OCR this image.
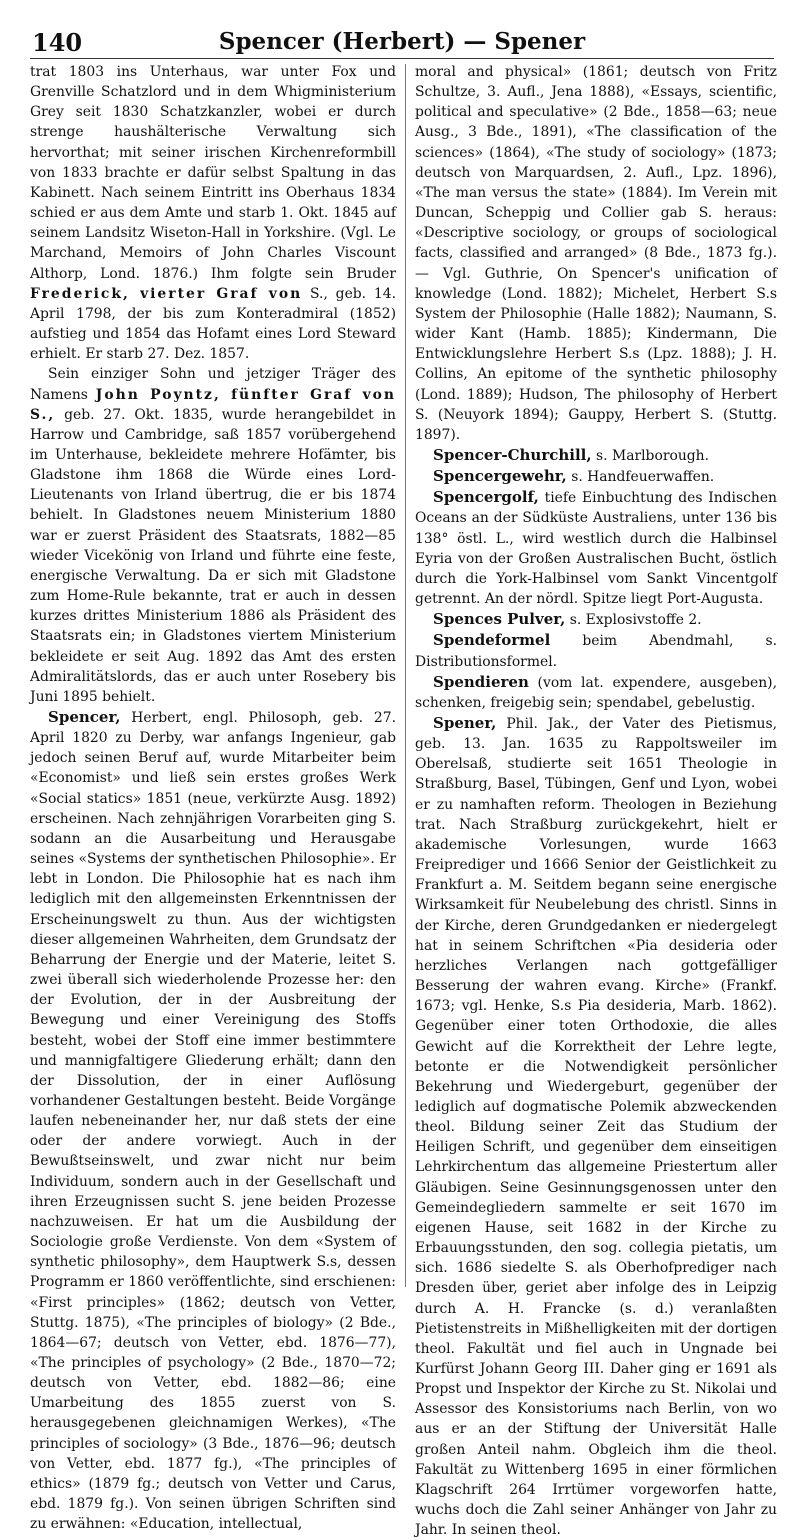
140	Spencer (Herbert) — Spener

trat 1803 ins Unterhaus, war unter Fox und Grenville Schatzlord und in dem Whigministerium Grey seit 1830 Schatzkanzler, wobei er durch strenge haushälterische Verwaltung sich hervorthat; mit seiner irischen Kirchenreformbill von 1833 brachte er dafür selbst Spaltung in das Kabinett. Nach seinem Eintritt ins Oberhaus 1834 schied er aus dem Amte und starb 1. Okt. 1845 auf seinem Landsitz Wiseton-Hall in Yorkshire. (Vgl. Le Marchand, Memoirs of John Charles Viscount Althorp, Lond. 1876.) Ihm folgte sein Bruder Frederick, vierter Graf von S., geb. 14. April 1798, der bis zum Konteradmiral (1852) aufstieg und 1854 das Hofamt eines Lord Steward erhielt. Er starb 27. Dez. 1857.

Sein einziger Sohn und jetziger Träger des Namens John Poyntz, fünfter Graf von S., geb. 27. Okt. 1835, wurde herangebildet in Harrow und Cambridge, saß 1857 vorübergehend im Unterhause, bekleidete mehrere Hofämter, bis Gladstone ihm 1868 die Würde eines Lord-Lieutenants von Irland übertrug, die er bis 1874 behielt. In Gladstones neuem Ministerium 1880 war er zuerst Präsident des Staatsrats, 1882—85 wieder Vicekönig von Irland und führte eine feste, energische Verwaltung. Da er sich mit Gladstone zum Home-Rule bekannte, trat er auch in dessen kurzes drittes Ministerium 1886 als Präsident des Staatsrats ein; in Gladstones viertem Ministerium bekleidete er seit Aug. 1892 das Amt des ersten Admiralitätslords, das er auch unter Rosebery bis Juni 1895 behielt.

Spencer, Herbert, engl. Philosoph, geb. 27. April 1820 zu Derby, war anfangs Ingenieur, gab jedoch seinen Beruf auf, wurde Mitarbeiter beim «Economist» und ließ sein erstes großes Werk «Social statics» 1851 (neue, verkürzte Ausg. 1892) erscheinen. Nach zehnjährigen Vorarbeiten ging S. sodann an die Ausarbeitung und Herausgabe seines «Systems der synthetischen Philosophie». Er lebt in London. Die Philosophie hat es nach ihm lediglich mit den allgemeinsten Erkenntnissen der Erscheinungswelt zu thun. Aus der wichtigsten dieser allgemeinen Wahrheiten, dem Grundsatz der Beharrung der Energie und der Materie, leitet S. zwei überall sich wiederholende Prozesse her: den der Evolution, der in der Ausbreitung der Bewegung und einer Vereinigung des Stoffs besteht, wobei der Stoff eine immer bestimmtere und mannigfaltigere Gliederung erhält; dann den der Dissolution, der in einer Auflösung vorhandener Gestaltungen besteht. Beide Vorgänge laufen nebeneinander her, nur daß stets der eine oder der andere vorwiegt. Auch in der Bewußtseinswelt, und zwar nicht nur beim Individuum, sondern auch in der Gesellschaft und ihren Erzeugnissen sucht S. jene beiden Prozesse nachzuweisen. Er hat um die Ausbildung der Sociologie große Verdienste. Von dem «System of synthetic philosophy», dem Hauptwerk S.s, dessen Programm er 1860 veröffentlichte, sind erschienen: «First principles» (1862; deutsch von Vetter, Stuttg. 1875), «The principles of biology» (2 Bde., 1864—67; deutsch von Vetter, ebd. 1876—77), «The principles of psychology» (2 Bde., 1870—72; deutsch von Vetter, ebd. 1882—86; eine Umarbeitung des 1855 zuerst von S. herausgegebenen gleichnamigen Werkes), «The principles of sociology» (3 Bde., 1876—96; deutsch von Vetter, ebd. 1877 fg.), «The principles of ethics» (1879 fg.; deutsch von Vetter und Carus, ebd. 1879 fg.). Von seinen übrigen Schriften sind zu erwähnen: «Education, intellectual,

moral and physical» (1861; deutsch von Fritz Schultze, 3. Aufl., Jena 1888), «Essays, scientific, political and speculative» (2 Bde., 1858—63; neue Ausg., 3 Bde., 1891), «The classification of the sciences» (1864), «The study of sociology» (1873; deutsch von Marquardsen, 2. Aufl., Lpz. 1896), «The man versus the state» (1884). Im Verein mit Duncan, Scheppig und Collier gab S. heraus: «Descriptive sociology, or groups of sociological facts, classified and arranged» (8 Bde., 1873 fg.). — Vgl. Guthrie, On Spencer's unification of knowledge (Lond. 1882); Michelet, Herbert S.s System der Philosophie (Halle 1882); Naumann, S. wider Kant (Hamb. 1885); Kindermann, Die Entwicklungslehre Herbert S.s (Lpz. 1888); J. H. Collins, An epitome of the synthetic philosophy (Lond. 1889); Hudson, The philosophy of Herbert S. (Neuyork 1894); Gauppy, Herbert S. (Stuttg. 1897).

Spencer-Churchill, s. Marlborough.

Spencergewehr, s. Handfeuerwaffen.

Spencergolf, tiefe Einbuchtung des Indischen Oceans an der Südküste Australiens, unter 136 bis 138° östl. L., wird westlich durch die Halbinsel Eyria von der Großen Australischen Bucht, östlich durch die York-Halbinsel vom Sankt Vincentgolf getrennt. An der nördl. Spitze liegt Port-Augusta.

Spences Pulver, s. Explosivstoffe 2.

Spendeformel beim Abendmahl, s. Distributionsformel.

Spendieren (vom lat. expendere, ausgeben), schenken, freigebig sein; spendabel, gebelustig.

Spener, Phil. Jak., der Vater des Pietismus, geb. 13. Jan. 1635 zu Rappoltsweiler im Oberelsaß, studierte seit 1651 Theologie in Straßburg, Basel, Tübingen, Genf und Lyon, wobei er zu namhaften reform. Theologen in Beziehung trat. Nach Straßburg zurückgekehrt, hielt er akademische Vorlesungen, wurde 1663 Freiprediger und 1666 Senior der Geistlichkeit zu Frankfurt a. M. Seitdem begann seine energische Wirksamkeit für Neubelebung des christl. Sinns in der Kirche, deren Grundgedanken er niedergelegt hat in seinem Schriftchen «Pia desideria oder herzliches Verlangen nach gottgefälliger Besserung der wahren evang. Kirche» (Frankf. 1673; vgl. Henke, S.s Pia desideria, Marb. 1862). Gegenüber einer toten Orthodoxie, die alles Gewicht auf die Korrektheit der Lehre legte, betonte er die Notwendigkeit persönlicher Bekehrung und Wiedergeburt, gegenüber der lediglich auf dogmatische Polemik abzweckenden theol. Bildung seiner Zeit das Studium der Heiligen Schrift, und gegenüber dem einseitigen Lehrkirchentum das allgemeine Priestertum aller Gläubigen. Seine Gesinnungsgenossen unter den Gemeindegliedern sammelte er seit 1670 im eigenen Hause, seit 1682 in der Kirche zu Erbauungsstunden, den sog. collegia pietatis, um sich. 1686 siedelte S. als Oberhofprediger nach Dresden über, geriet aber infolge des in Leipzig durch A. H. Francke (s. d.) veranlaßten Pietistenstreits in Mißhelligkeiten mit der dortigen theol. Fakultät und fiel auch in Ungnade bei Kurfürst Johann Georg III. Daher ging er 1691 als Propst und Inspektor der Kirche zu St. Nikolai und Assessor des Konsistoriums nach Berlin, von wo aus er an der Stiftung der Universität Halle großen Anteil nahm. Obgleich ihm die theol. Fakultät zu Wittenberg 1695 in einer förmlichen Klagschrift 264 Irrtümer vorgeworfen hatte, wuchs doch die Zahl seiner Anhänger von Jahr zu Jahr. In seinen theol.
